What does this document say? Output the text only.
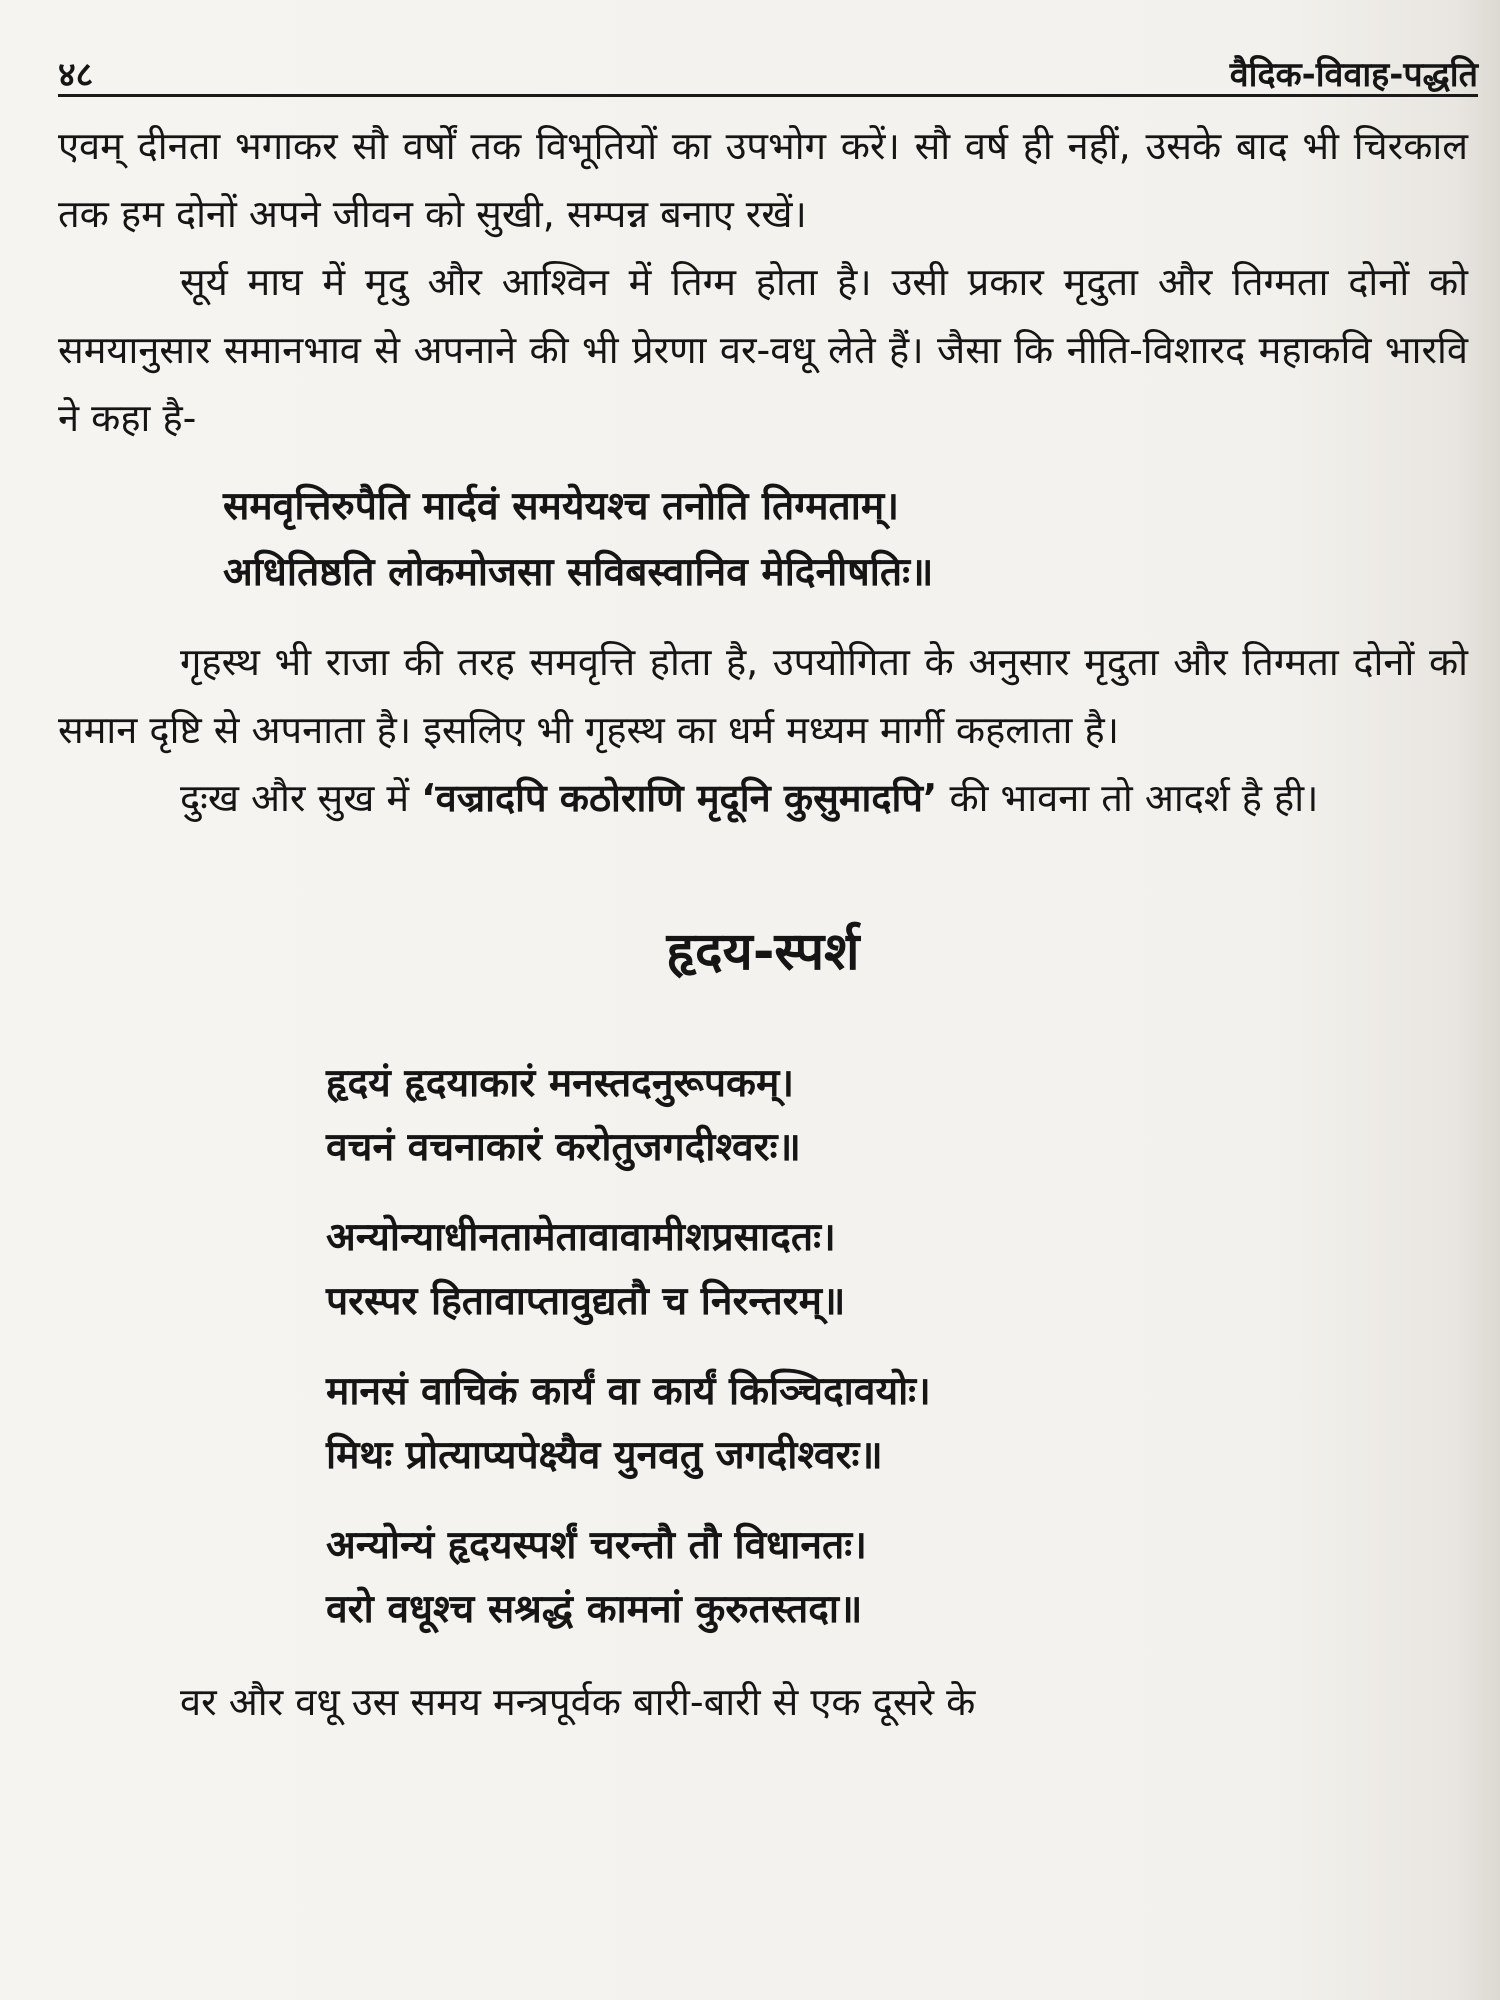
४८	वैदिक-विवाह-पद्धति

एवम् दीनता भगाकर सौ वर्षों तक विभूतियों का उपभोग करें। सौ वर्ष ही नहीं, उसके बाद भी चिरकाल तक हम दोनों अपने जीवन को सुखी, सम्पन्न बनाए रखें।

सूर्य माघ में मृदु और आश्विन में तिग्म होता है। उसी प्रकार मृदुता और तिग्मता दोनों को समयानुसार समानभाव से अपनाने की भी प्रेरणा वर-वधू लेते हैं। जैसा कि नीति-विशारद महाकवि भारवि ने कहा है-

समवृत्तिरुपैति मार्दवं समयेयश्च तनोति तिग्मताम्।

अधितिष्ठति लोकमोजसा सविबस्वानिव मेदिनीषतिः॥

गृहस्थ भी राजा की तरह समवृत्ति होता है, उपयोगिता के अनुसार मृदुता और तिग्मता दोनों को समान दृष्टि से अपनाता है। इसलिए भी गृहस्थ का धर्म मध्यम मार्गी कहलाता है।

दुःख और सुख में ‘वज्रादपि कठोराणि मृदूनि कुसुमादपि’ की भावना तो आदर्श है ही।

हृदय-स्पर्श

हृदयं हृदयाकारं मनस्तदनुरूपकम्।

वचनं वचनाकारं करोतुजगदीश्वरः॥

अन्योन्याधीनतामेतावावामीशप्रसादतः।

परस्पर हितावाप्तावुद्यतौ च निरन्तरम्॥

मानसं वाचिकं कार्यं वा कार्यं किञ्चिदावयोः।

मिथः प्रोत्याप्यपेक्ष्यैव युनवतु जगदीश्वरः॥

अन्योन्यं हृदयस्पर्शं चरन्तौ तौ विधानतः।

वरो वधूश्च सश्रद्धं कामनां कुरुतस्तदा॥

वर और वधू उस समय मन्त्रपूर्वक बारी-बारी से एक दूसरे के
